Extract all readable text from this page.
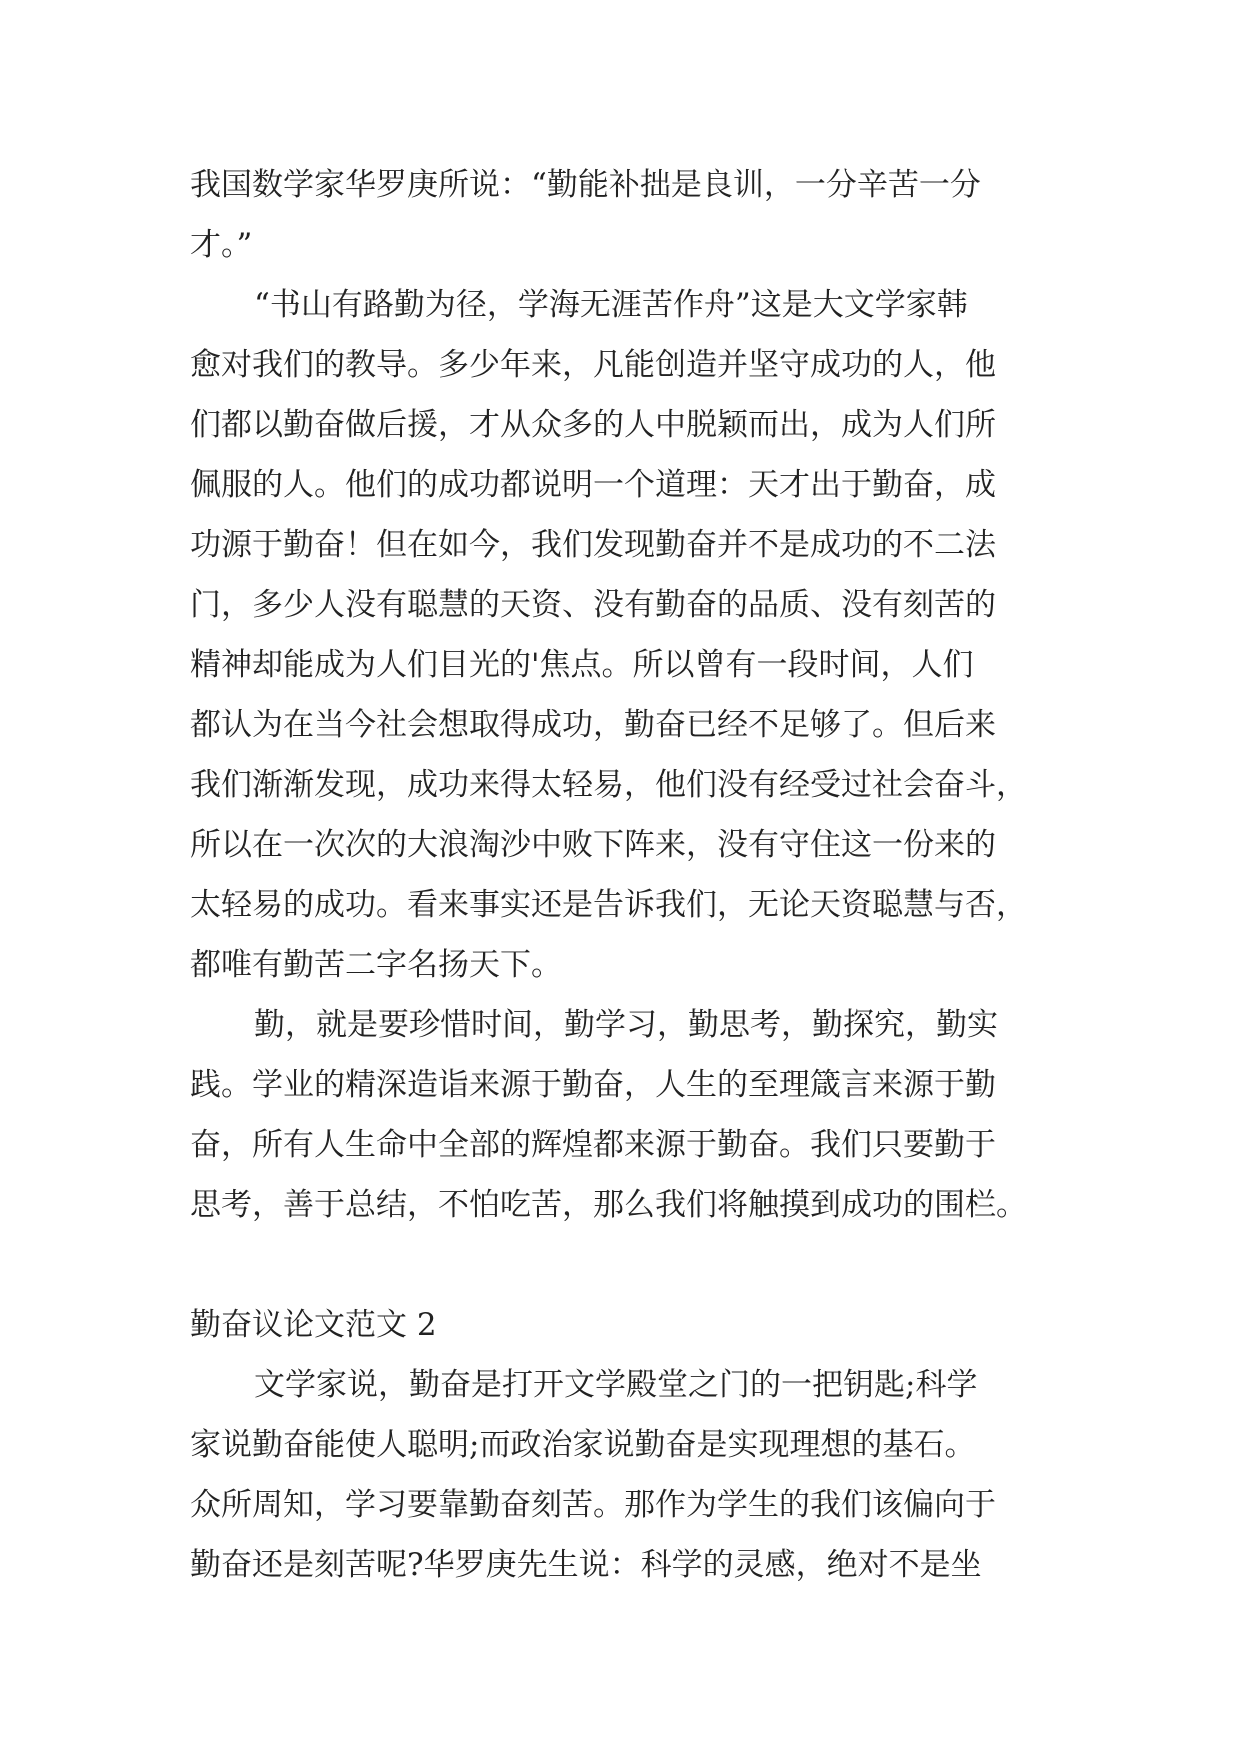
我国数学家华罗庚所说：“勤能补拙是良训，一分辛苦一分
才。”
“书山有路勤为径，学海无涯苦作舟”这是大文学家韩
愈对我们的教导。多少年来，凡能创造并坚守成功的人，他
们都以勤奋做后援，才从众多的人中脱颖而出，成为人们所
佩服的人。他们的成功都说明一个道理：天才出于勤奋，成
功源于勤奋！但在如今，我们发现勤奋并不是成功的不二法
门，多少人没有聪慧的天资、没有勤奋的品质、没有刻苦的
精神却能成为人们目光的'焦点。所以曾有一段时间，人们
都认为在当今社会想取得成功，勤奋已经不足够了。但后来
我们渐渐发现，成功来得太轻易，他们没有经受过社会奋斗，
所以在一次次的大浪淘沙中败下阵来，没有守住这一份来的
太轻易的成功。看来事实还是告诉我们，无论天资聪慧与否，
都唯有勤苦二字名扬天下。
勤，就是要珍惜时间，勤学习，勤思考，勤探究，勤实
践。学业的精深造诣来源于勤奋，人生的至理箴言来源于勤
奋，所有人生命中全部的辉煌都来源于勤奋。我们只要勤于
思考，善于总结，不怕吃苦，那么我们将触摸到成功的围栏。
勤奋议论文范文 2
文学家说，勤奋是打开文学殿堂之门的一把钥匙;科学
家说勤奋能使人聪明;而政治家说勤奋是实现理想的基石。
众所周知，学习要靠勤奋刻苦。那作为学生的我们该偏向于
勤奋还是刻苦呢?华罗庚先生说：科学的灵感，绝对不是坐
